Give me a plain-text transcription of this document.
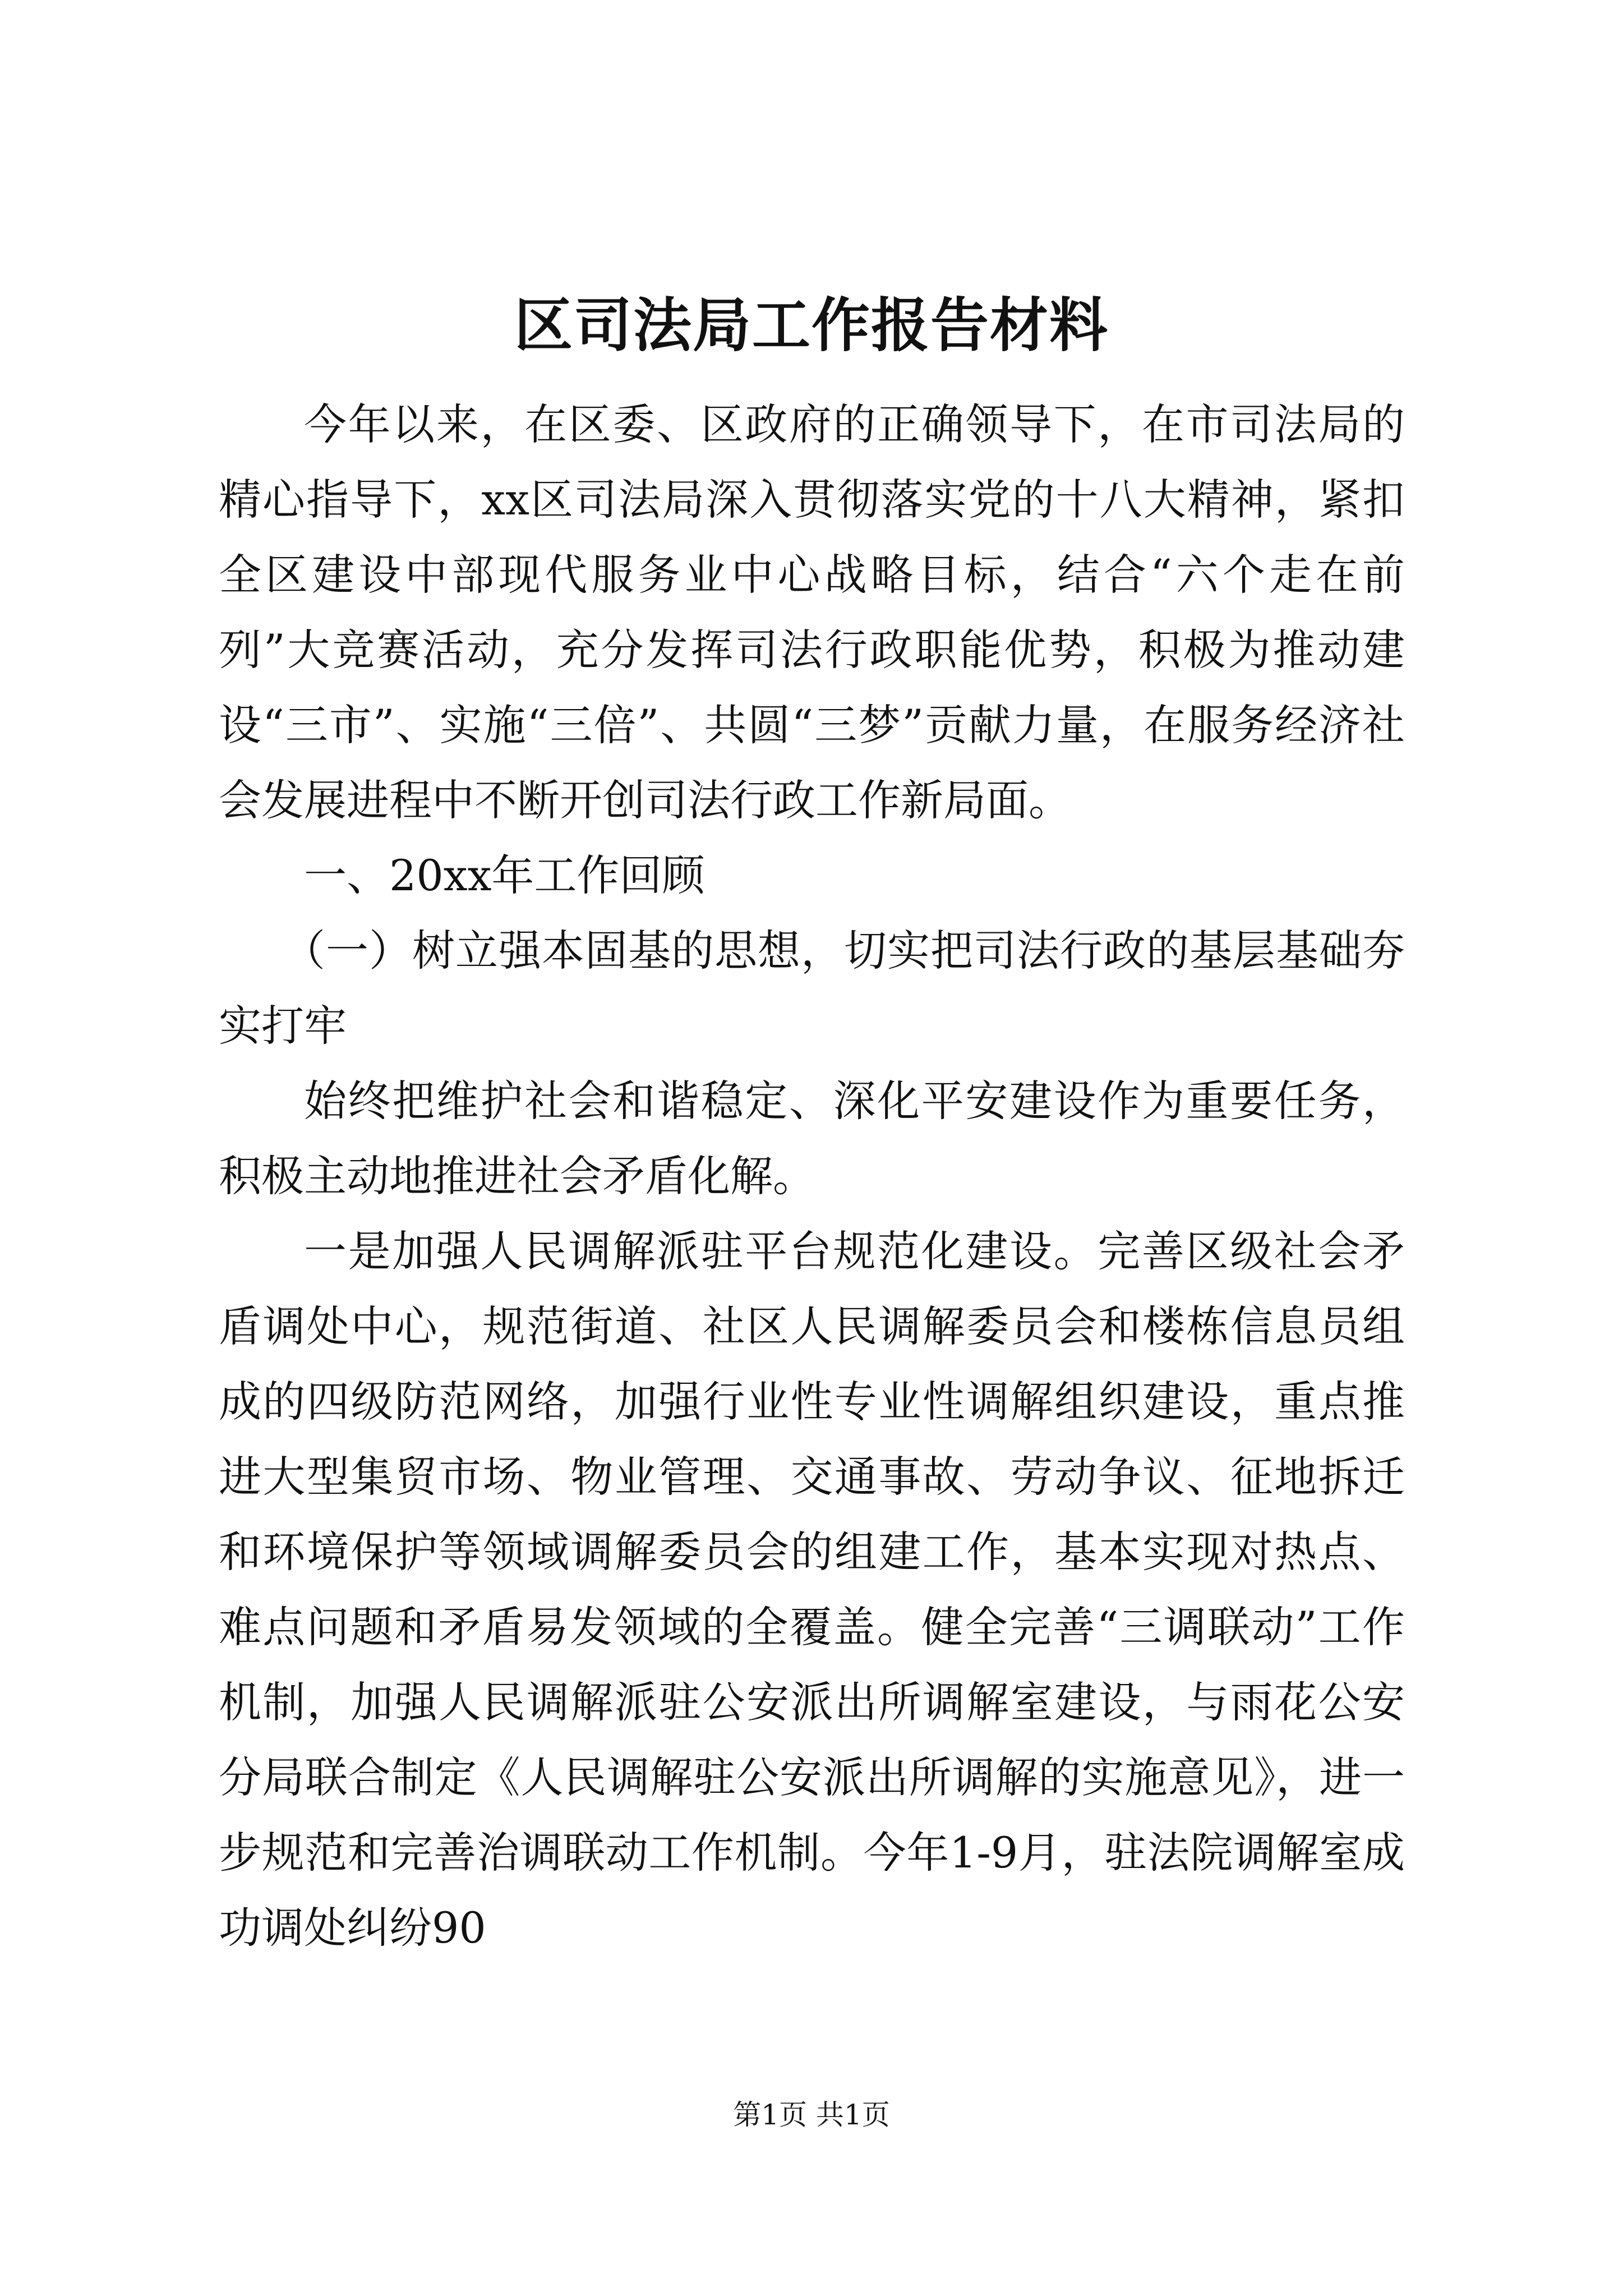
区司法局工作报告材料

今年以来，在区委、区政府的正确领导下，在市司法局的精心指导下，xx区司法局深入贯彻落实党的十八大精神，紧扣全区建设中部现代服务业中心战略目标，结合“六个走在前列”大竞赛活动，充分发挥司法行政职能优势，积极为推动建设“三市”、实施“三倍”、共圆“三梦”贡献力量，在服务经济社会发展进程中不断开创司法行政工作新局面。

一、20xx年工作回顾

（一）树立强本固基的思想，切实把司法行政的基层基础夯实打牢

始终把维护社会和谐稳定、深化平安建设作为重要任务，积极主动地推进社会矛盾化解。

一是加强人民调解派驻平台规范化建设。完善区级社会矛盾调处中心，规范街道、社区人民调解委员会和楼栋信息员组成的四级防范网络，加强行业性专业性调解组织建设，重点推进大型集贸市场、物业管理、交通事故、劳动争议、征地拆迁和环境保护等领域调解委员会的组建工作，基本实现对热点、难点问题和矛盾易发领域的全覆盖。健全完善“三调联动”工作机制，加强人民调解派驻公安派出所调解室建设，与雨花公安分局联合制定《人民调解驻公安派出所调解的实施意见》，进一步规范和完善治调联动工作机制。今年1-9月，驻法院调解室成功调处纠纷90

第1页 共1页
